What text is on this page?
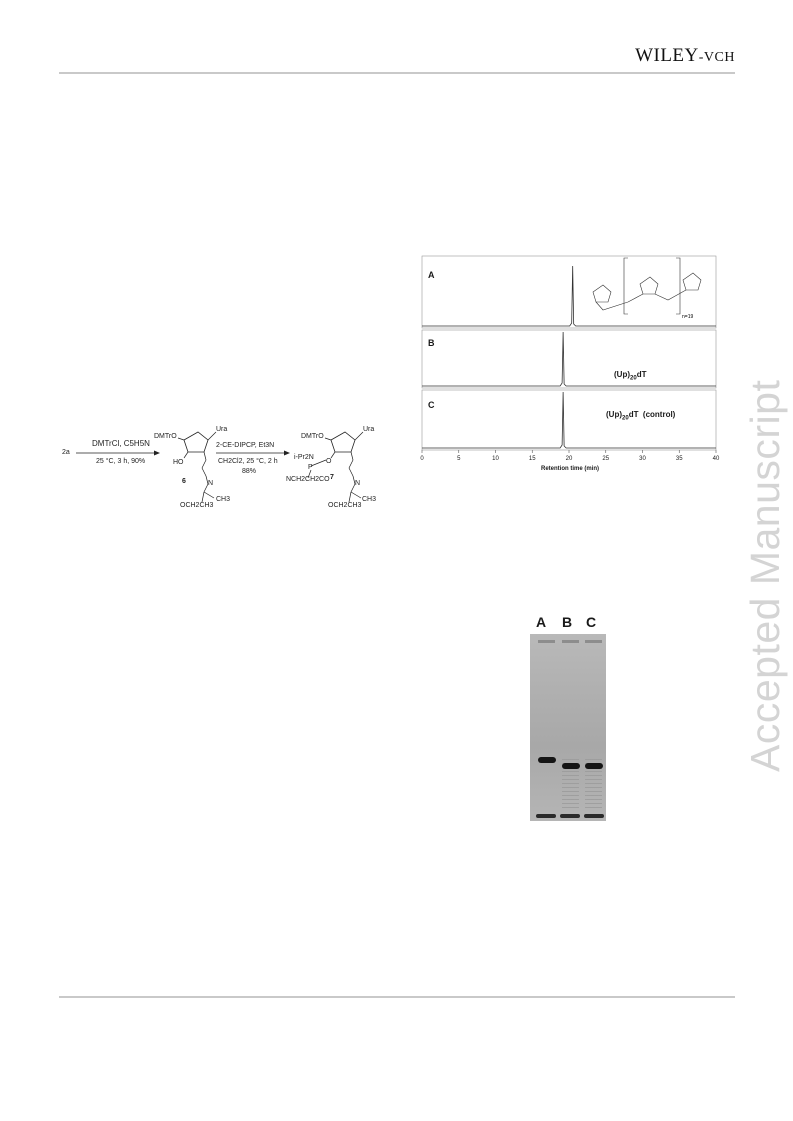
WILEY-VCH
Accepted Manuscript
2a
DMTrCl, C5H5N
25 °C, 3 h, 90%
DMTrO
Ura
HO
6	N
CH3
OCH2CH3
2-CE-DIPCP, Et3N
CH2Cl2, 25 °C, 2 h
88%
DMTrO
Ura
i-Pr2N
O
P
NCH2CH2CO 7
N
CH3
OCH2CH3
n=19
A
B
C
$(Up)_{20}dT$
$(Up)_{20}dT$  (control)
0	5	10	15	20	25	30	35	40
Retention time (min)
A B C
